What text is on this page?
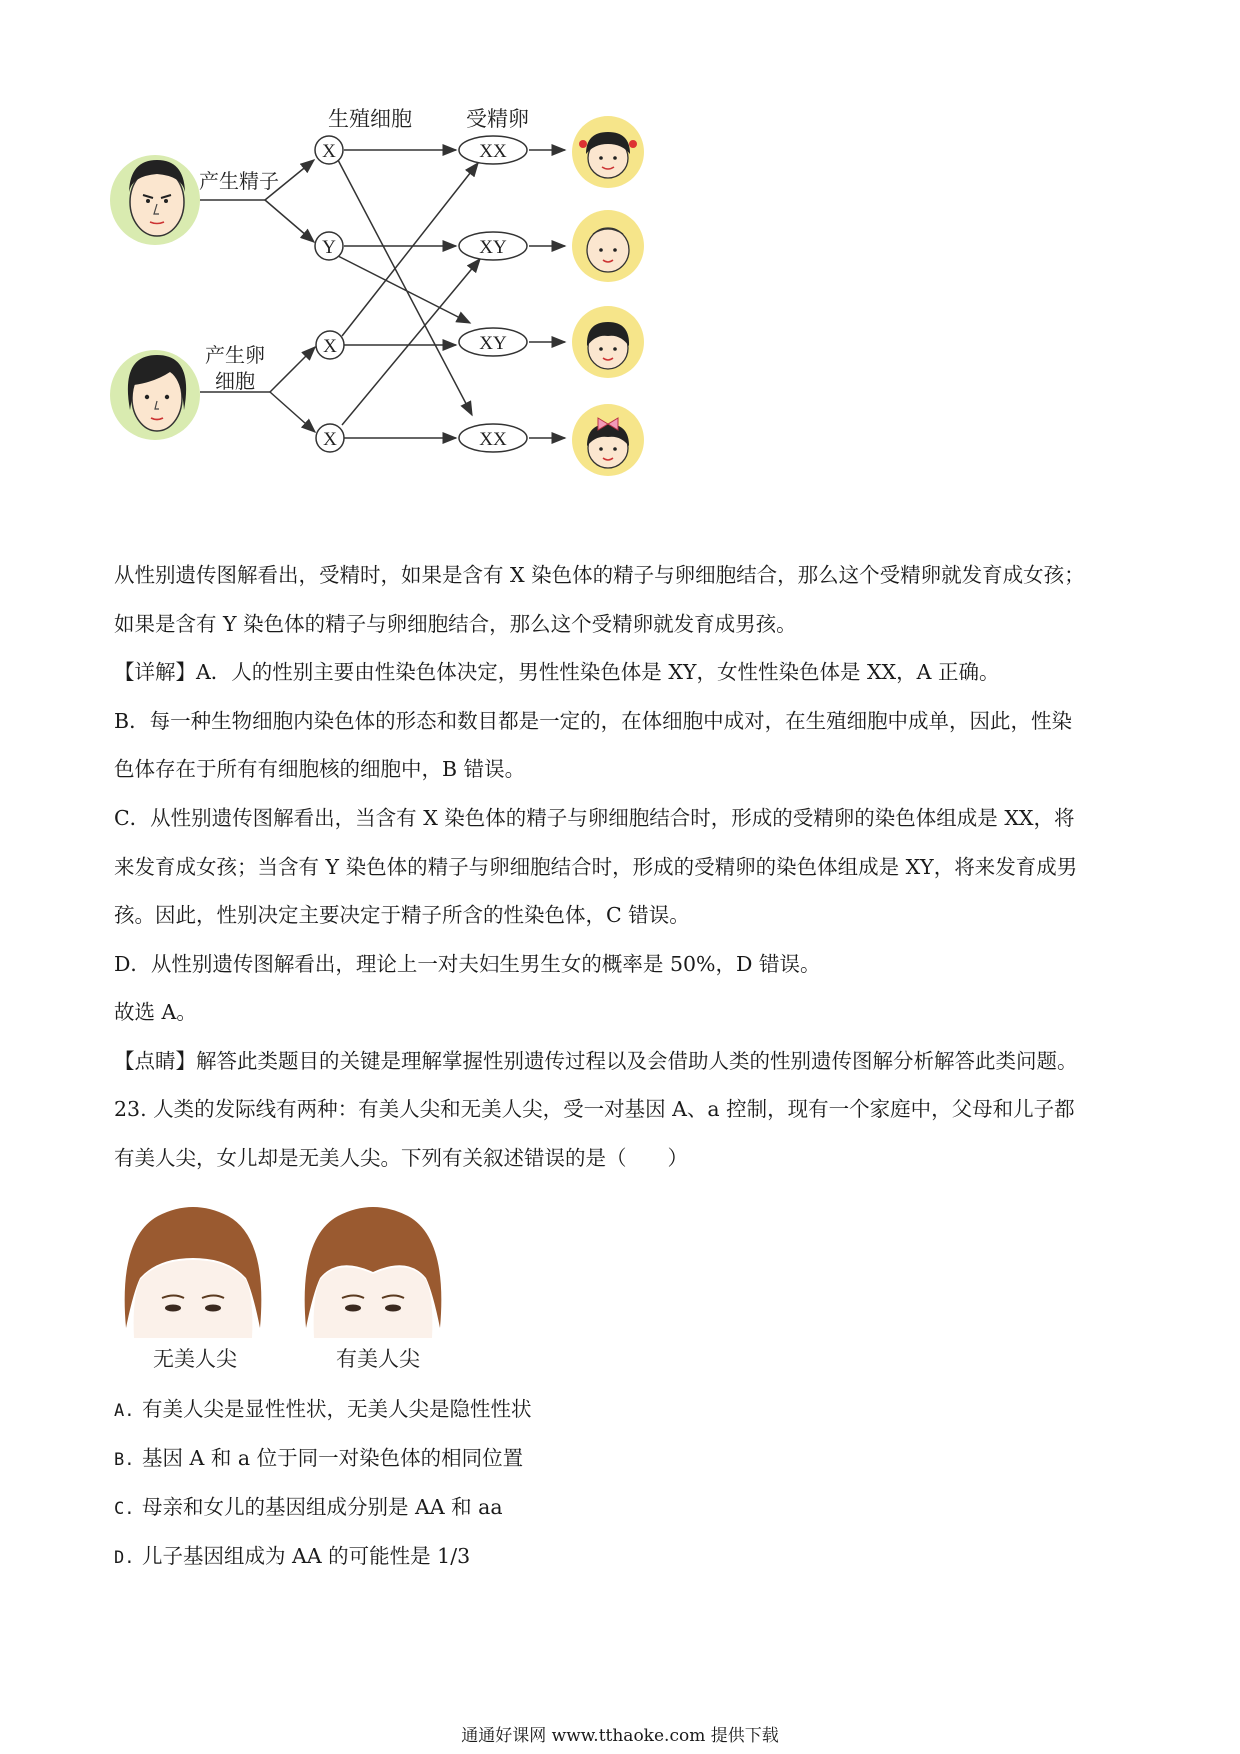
生殖细胞	受精卵
产生精子
产生卵
细胞
X
Y
X
X
XX
XY
XY
XX
从性别遗传图解看出，受精时，如果是含有 X 染色体的精子与卵细胞结合，那么这个受精卵就发育成女孩；
如果是含有 Y 染色体的精子与卵细胞结合，那么这个受精卵就发育成男孩。
【详解】A．人的性别主要由性染色体决定，男性性染色体是 XY，女性性染色体是 XX，A 正确。
B．每一种生物细胞内染色体的形态和数目都是一定的，在体细胞中成对，在生殖细胞中成单，因此，性染
色体存在于所有有细胞核的细胞中，B 错误。
C．从性别遗传图解看出，当含有 X 染色体的精子与卵细胞结合时，形成的受精卵的染色体组成是 XX，将
来发育成女孩；当含有 Y 染色体的精子与卵细胞结合时，形成的受精卵的染色体组成是 XY，将来发育成男
孩。因此，性别决定主要决定于精子所含的性染色体，C 错误。
D．从性别遗传图解看出，理论上一对夫妇生男生女的概率是 50%，D 错误。
故选 A。
【点睛】解答此类题目的关键是理解掌握性别遗传过程以及会借助人类的性别遗传图解分析解答此类问题。
23. 人类的发际线有两种：有美人尖和无美人尖，受一对基因 A、a 控制，现有一个家庭中，父母和儿子都
有美人尖，女儿却是无美人尖。下列有关叙述错误的是（　　）
无美人尖	有美人尖
A. 有美人尖是显性性状，无美人尖是隐性性状
B. 基因 A 和 a 位于同一对染色体的相同位置
C. 母亲和女儿的基因组成分别是 AA 和 aa
D. 儿子基因组成为 AA 的可能性是 1/3
通通好课网 www.tthaoke.com 提供下载
